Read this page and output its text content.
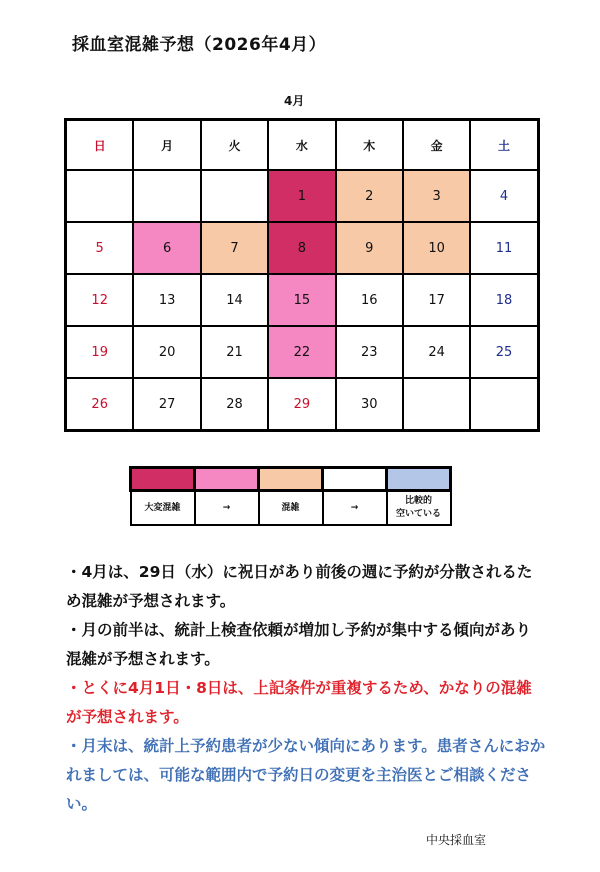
採血室混雑予想（2026年4月）
4月
日	月	火	水	木	金	土
			1	2	3	4
5	6	7	8	9	10	11
12	13	14	15	16	17	18
19	20	21	22	23	24	25
26	27	28	29	30		

大変混雑	→	混雑	→	比較的
空いている

・4月は、29日（水）に祝日があり前後の週に予約が分散されるため混雑が予想されます。

・月の前半は、統計上検査依頼が増加し予約が集中する傾向があり混雑が予想されます。

・とくに4月1日・8日は、上記条件が重複するため、かなりの混雑が予想されます。

・月末は、統計上予約患者が少ない傾向にあります。患者さんにおかれましては、可能な範囲内で予約日の変更を主治医とご相談ください。

中央採血室
